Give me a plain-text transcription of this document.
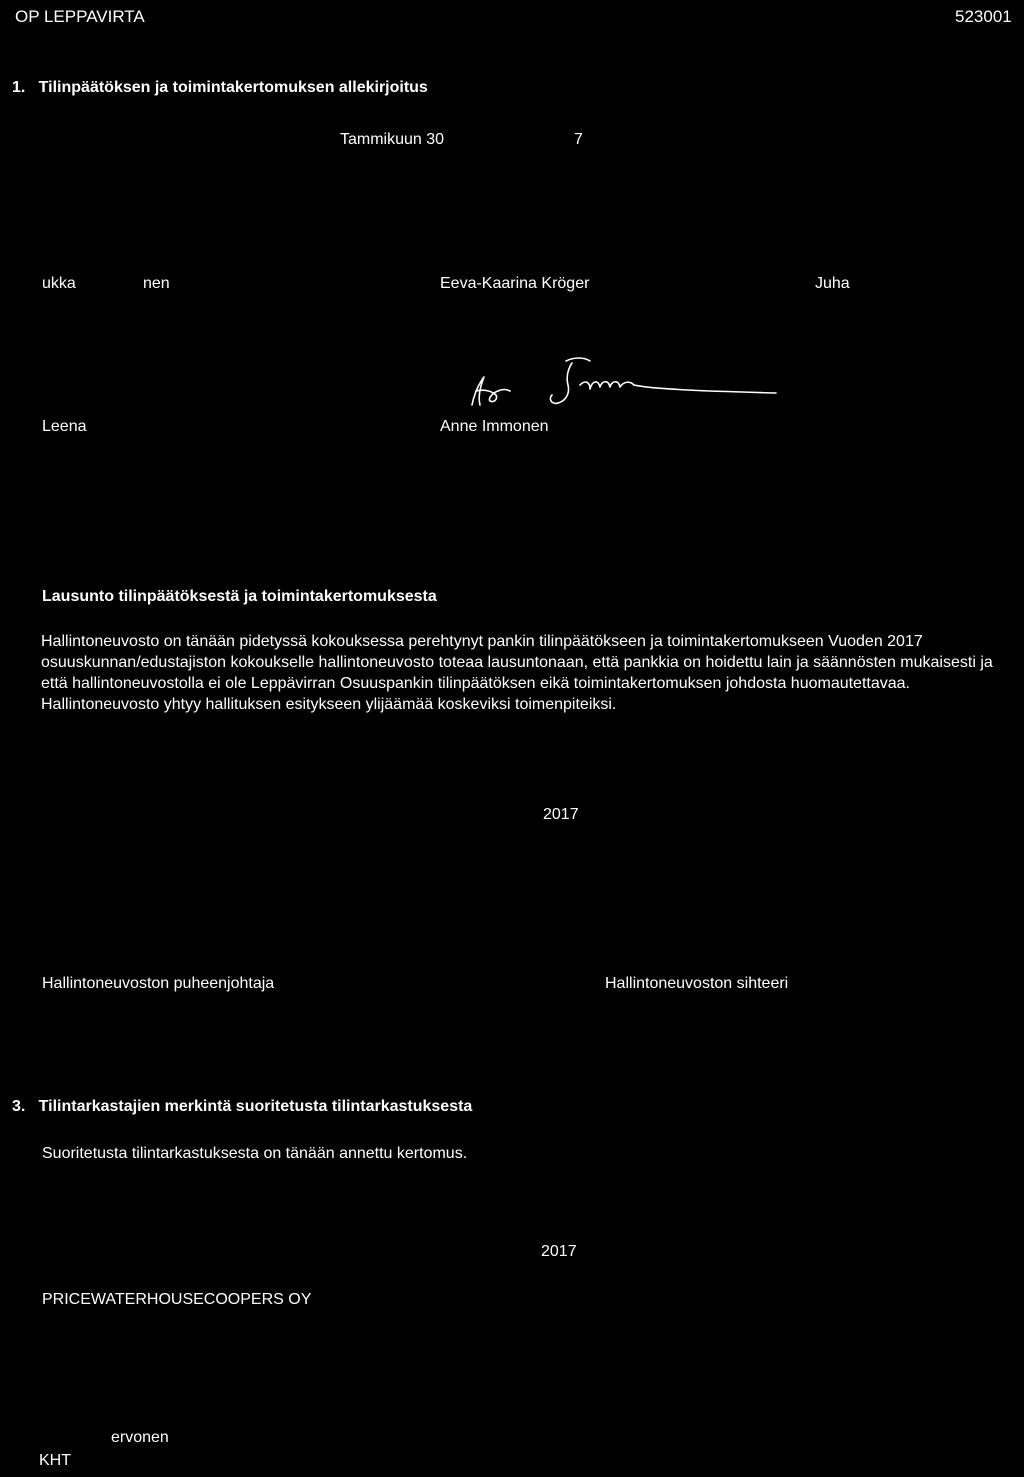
OP LEPPAVIRTA	523001
1.   Tilinpäätöksen ja toimintakertomuksen allekirjoitus
Tammikuun 30	7
ukka	nen	Eeva-Kaarina Kröger	Juha
Leena	Anne Immonen
Lausunto tilinpäätöksestä ja toimintakertomuksesta
Hallintoneuvosto on tänään pidetyssä kokouksessa perehtynyt pankin tilinpäätökseen ja toimintakertomukseen Vuoden 2017 osuuskunnan/edustajiston kokoukselle hallintoneuvosto toteaa lausuntonaan, että pankkia on hoidettu lain ja säännösten mukaisesti ja että hallintoneuvostolla ei ole Leppävirran Osuuspankin tilinpäätöksen eikä toimintakertomuksen johdosta huomautettavaa. Hallintoneuvosto yhtyy hallituksen esitykseen ylijäämää koskeviksi toimenpiteiksi.
2017
Hallintoneuvoston puheenjohtaja	Hallintoneuvoston sihteeri
3.   Tilintarkastajien merkintä suoritetusta tilintarkastuksesta
Suoritetusta tilintarkastuksesta on tänään annettu kertomus.
2017
PRICEWATERHOUSECOOPERS OY
ervonen
KHT
